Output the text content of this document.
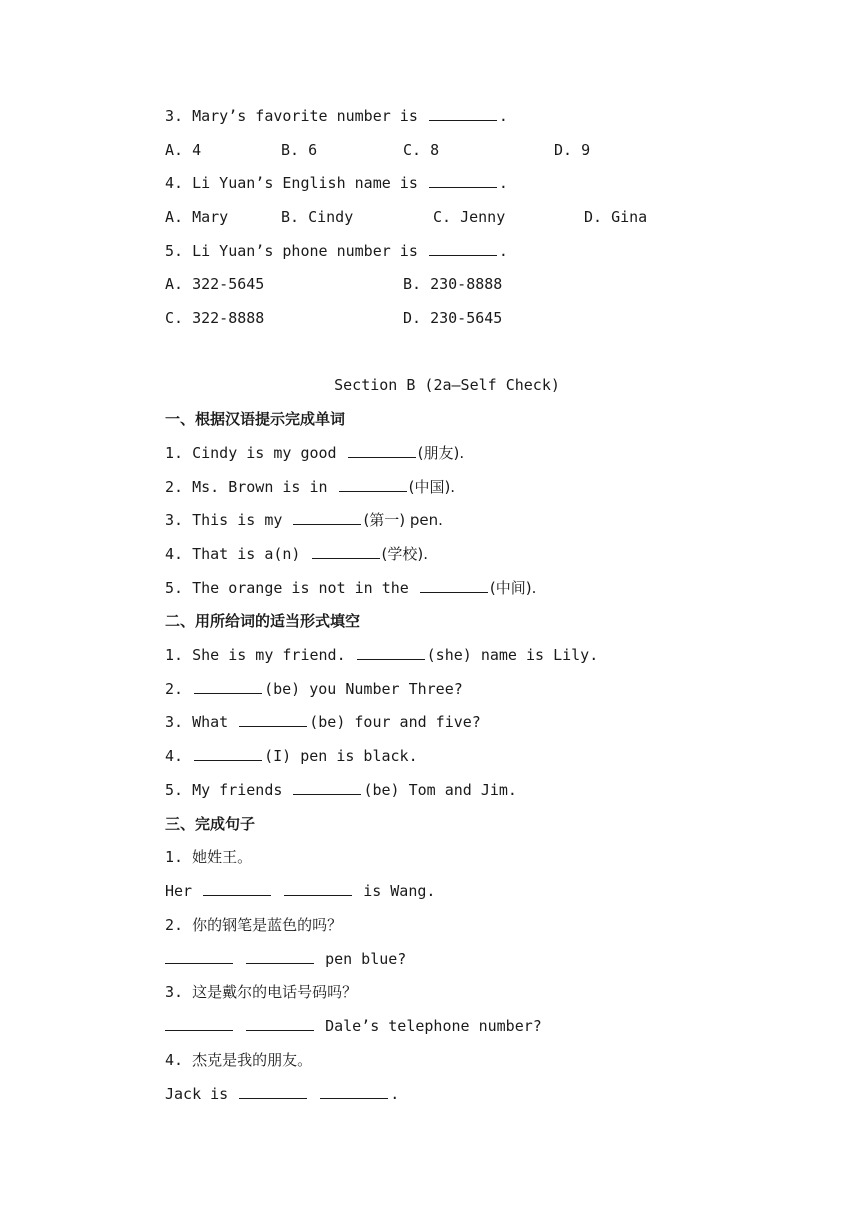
3. Mary’s favorite number is	.
A. 4	B. 6	C. 8	D. 9
4. Li Yuan’s English name is	.
A. Mary	B. Cindy	C. Jenny	D. Gina
5. Li Yuan’s phone number is	.
A. 322-5645	B. 230-8888
C. 322-8888	D. 230-5645
Section B (2a—Self Check)
一、根据汉语提示完成单词
1. Cindy is my good	(朋友).
2. Ms. Brown is in	(中国).
3. This is my	(第一) pen.
4. That is a(n)	(学校).
5. The orange is not in the	(中间).
二、用所给词的适当形式填空
1. She is my friend.	(she) name is Lily.
2.	(be) you Number Three?
3. What	(be) four and five?
4.	(I) pen is black.
5. My friends	(be) Tom and Jim.
三、完成句子
1. 她姓王。
Her	is Wang.
2. 你的钢笔是蓝色的吗？
pen blue?
3. 这是戴尔的电话号码吗？
Dale’s telephone number?
4. 杰克是我的朋友。
Jack is	.
